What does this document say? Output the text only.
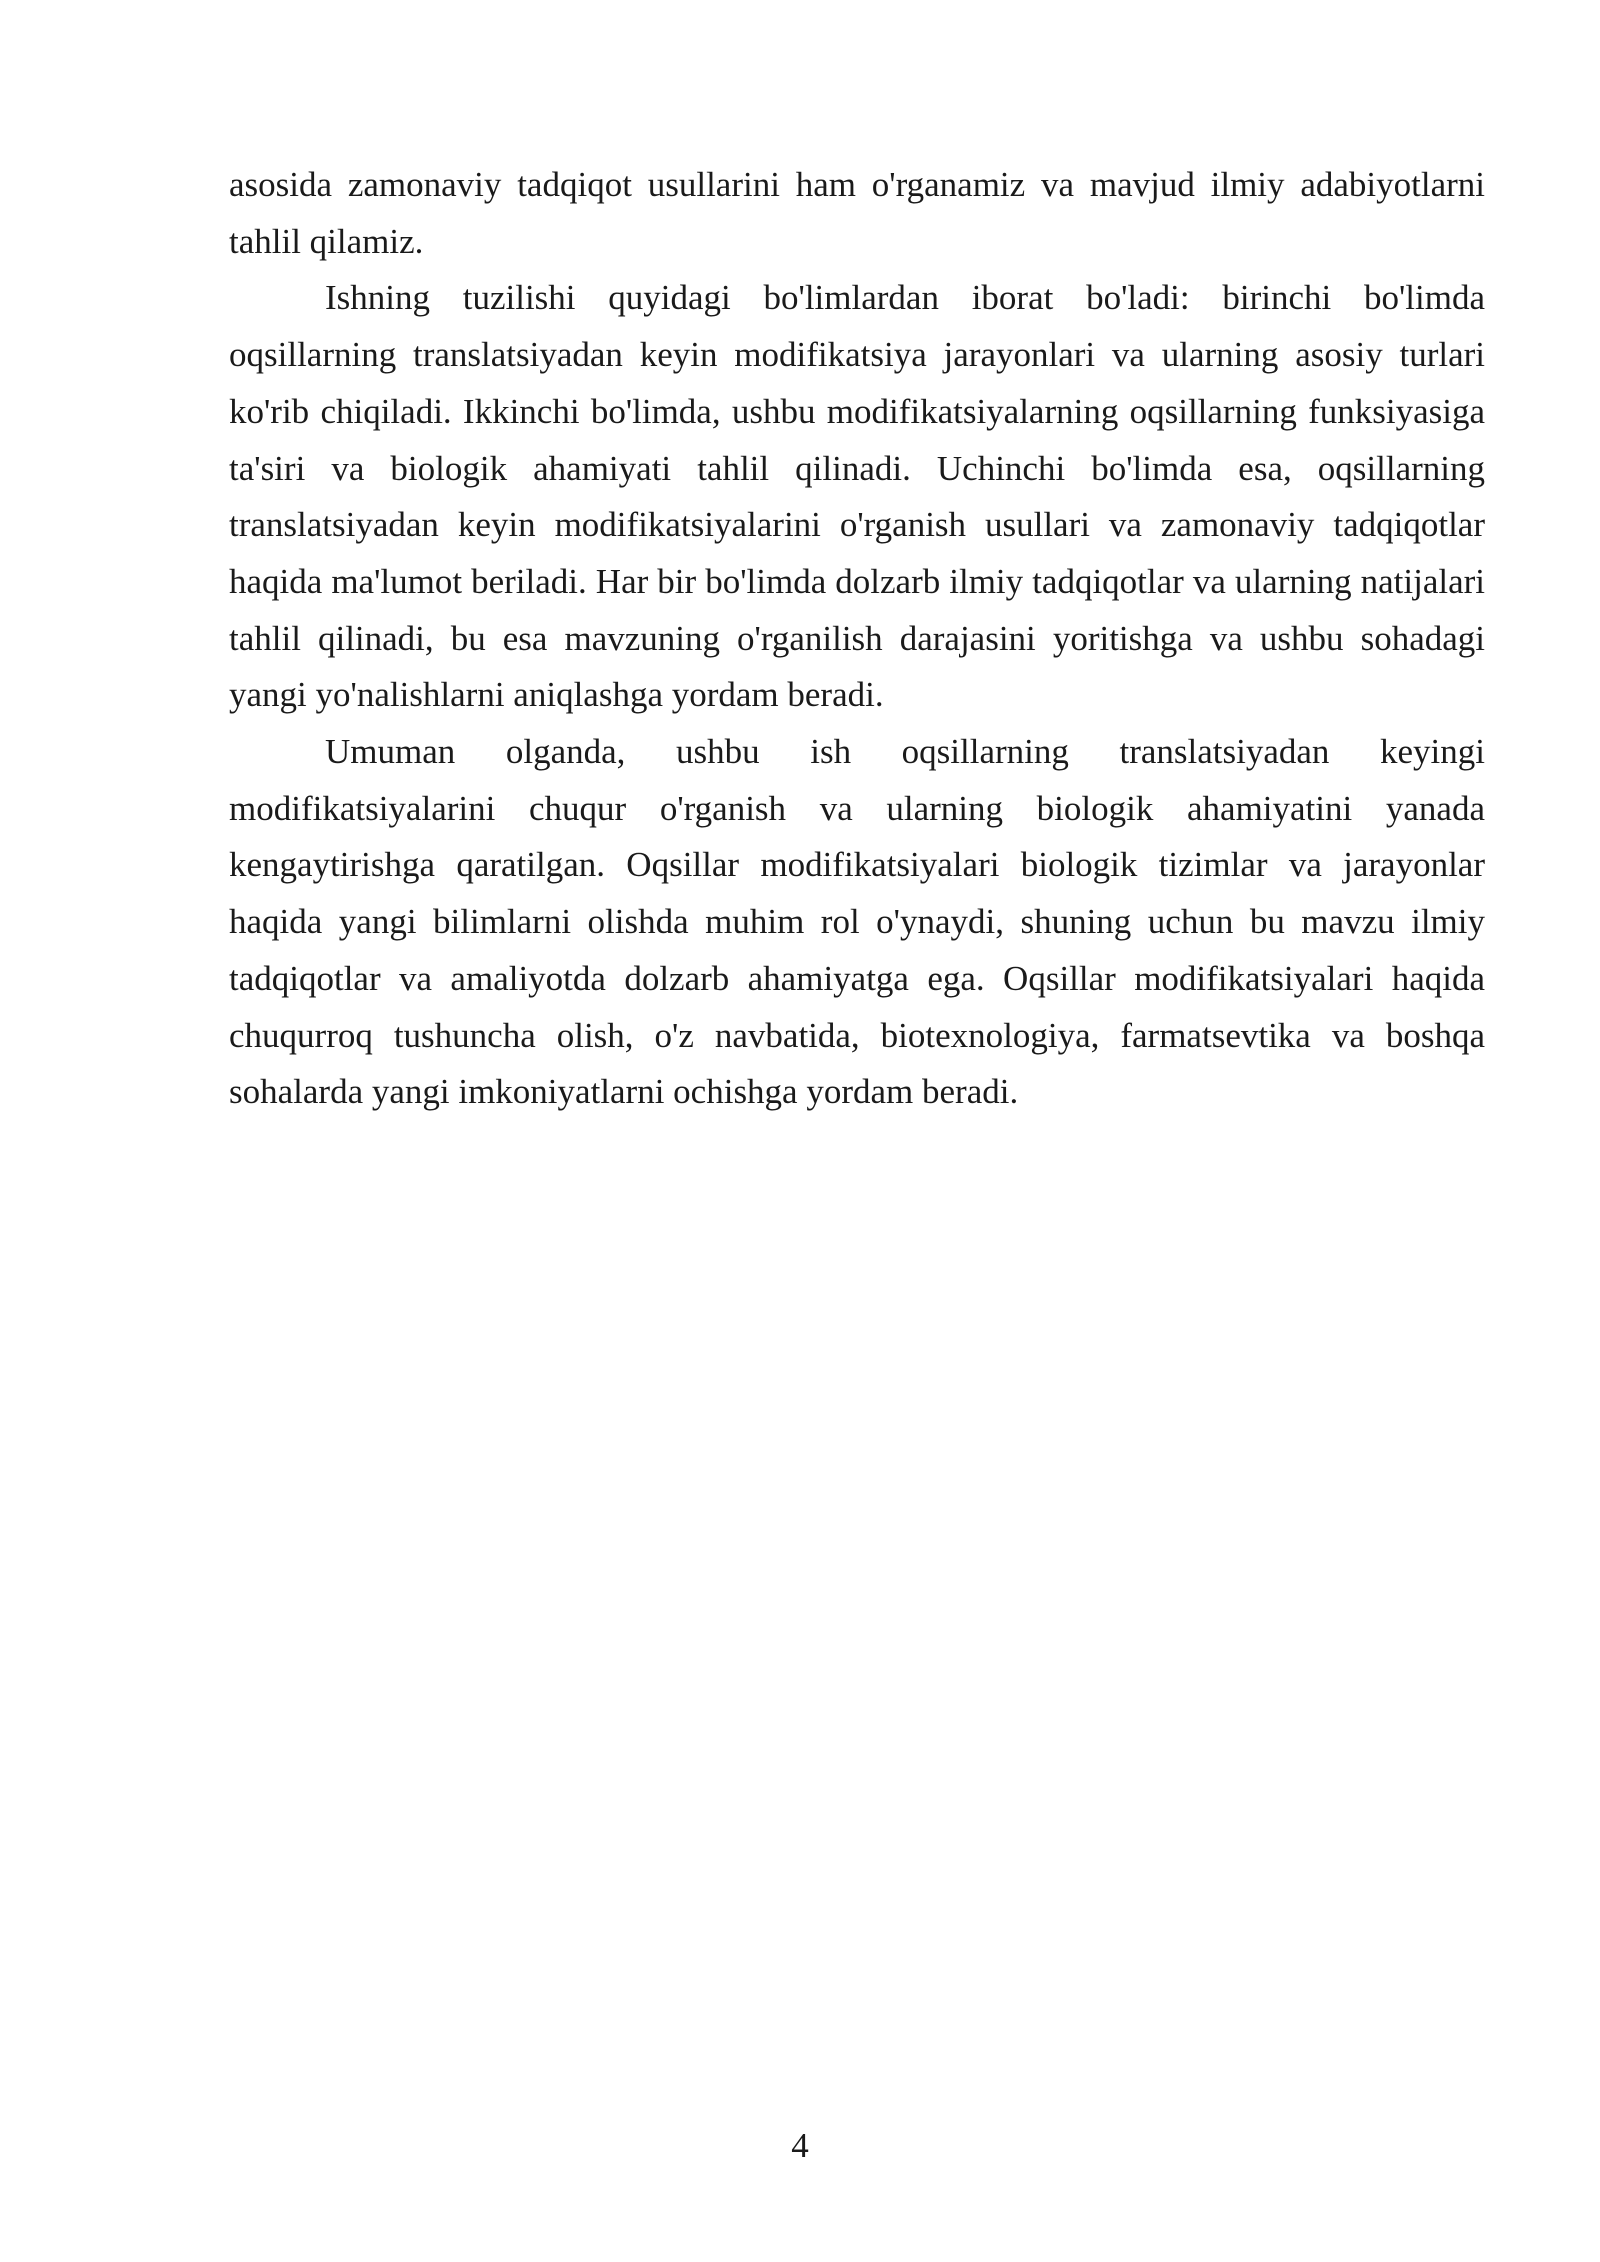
asosida zamonaviy tadqiqot usullarini ham o'rganamiz va mavjud ilmiy adabiyotlarni tahlil qilamiz.

Ishning tuzilishi quyidagi bo'limlardan iborat bo'ladi: birinchi bo'limda oqsillarning translatsiyadan keyin modifikatsiya jarayonlari va ularning asosiy turlari ko'rib chiqiladi. Ikkinchi bo'limda, ushbu modifikatsiyalarning oqsillarning funksiyasiga ta'siri va biologik ahamiyati tahlil qilinadi. Uchinchi bo'limda esa, oqsillarning translatsiyadan keyin modifikatsiyalarini o'rganish usullari va zamonaviy tadqiqotlar haqida ma'lumot beriladi. Har bir bo'limda dolzarb ilmiy tadqiqotlar va ularning natijalari tahlil qilinadi, bu esa mavzuning o'rganilish darajasini yoritishga va ushbu sohadagi yangi yo'nalishlarni aniqlashga yordam beradi.

Umuman olganda, ushbu ish oqsillarning translatsiyadan keyingi modifikatsiyalarini chuqur o'rganish va ularning biologik ahamiyatini yanada kengaytirishga qaratilgan. Oqsillar modifikatsiyalari biologik tizimlar va jarayonlar haqida yangi bilimlarni olishda muhim rol o'ynaydi, shuning uchun bu mavzu ilmiy tadqiqotlar va amaliyotda dolzarb ahamiyatga ega. Oqsillar modifikatsiyalari haqida chuqurroq tushuncha olish, o'z navbatida, biotexnologiya, farmatsevtika va boshqa sohalarda yangi imkoniyatlarni ochishga yordam beradi.

4
